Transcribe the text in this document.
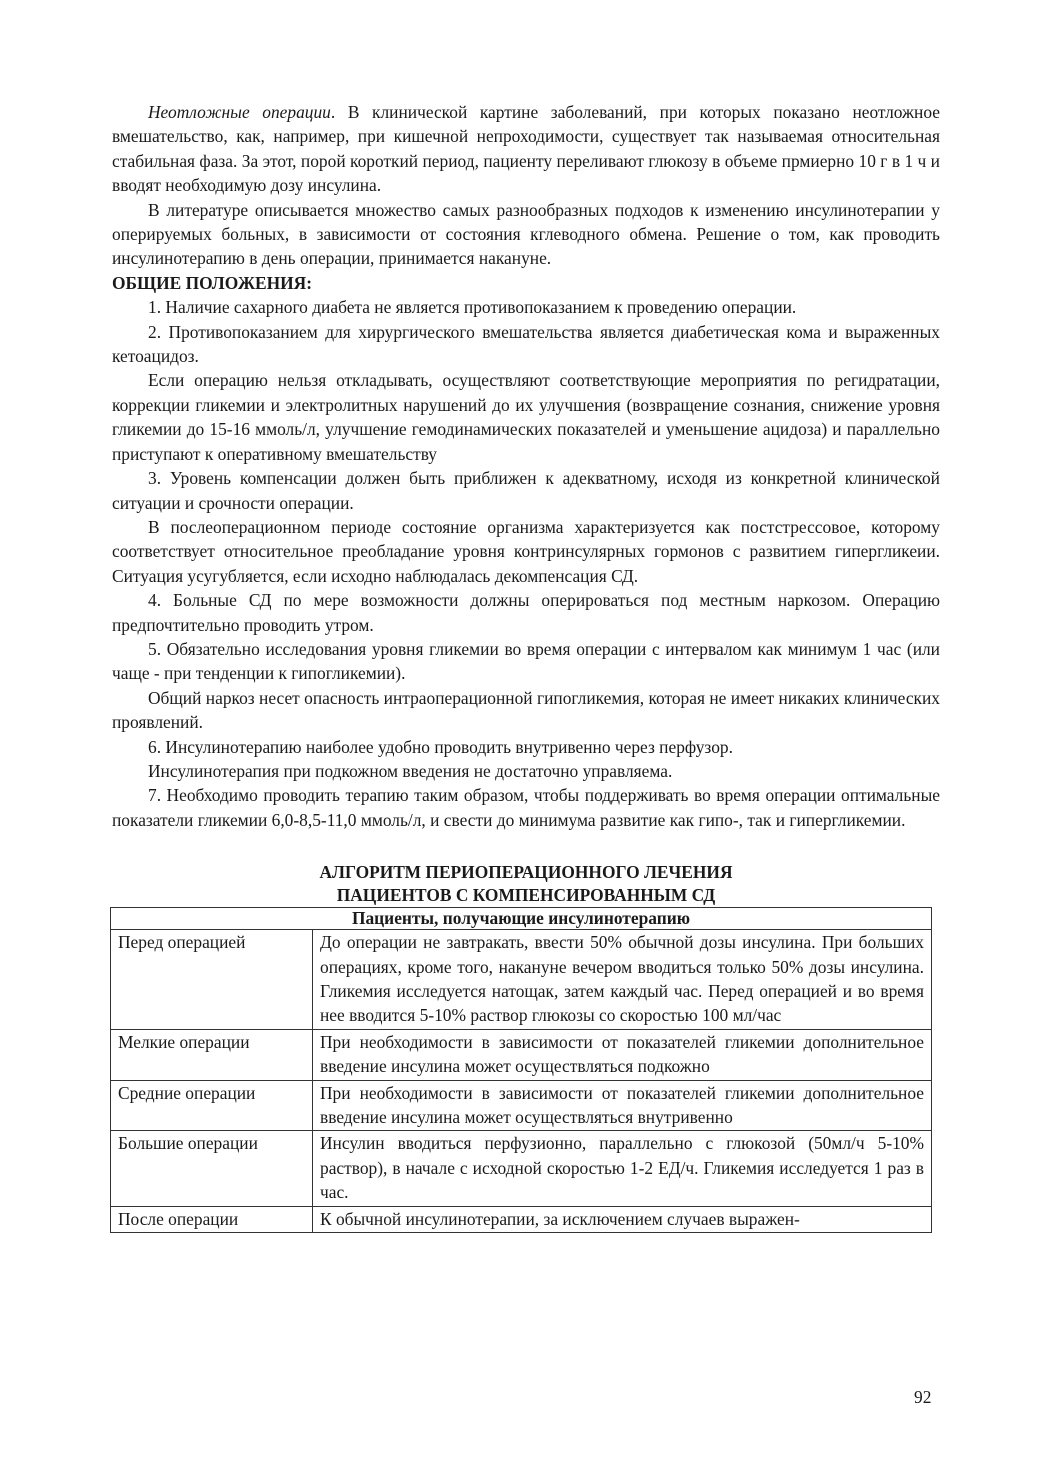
Неотложные операции. В клинической картине заболеваний, при которых показано неотложное вмешательство, как, например, при кишечной непроходимости, существует так называемая относительная стабильная фаза. За этот, порой короткий период, пациенту переливают глюкозу в объеме прмиерно 10 г в 1 ч и вводят необходимую дозу инсулина.

В литературе описывается множество самых разнообразных подходов к изменению инсулинотерапии у оперируемых больных, в зависимости от состояния кглеводного обмена. Решение о том, как проводить инсулинотерапию в день операции, принимается накануне.

ОБЩИЕ ПОЛОЖЕНИЯ:

1. Наличие сахарного диабета не является противопоказанием к проведению операции.

2. Противопоказанием для хирургического вмешательства является диабетическая кома и выраженных кетоацидоз.

Если операцию нельзя откладывать, осуществляют соответствующие мероприятия по регидратации, коррекции гликемии и электролитных нарушений до их улучшения (возвращение сознания, снижение уровня гликемии до 15-16 ммоль/л, улучшение гемодинамических показателей и уменьшение ацидоза) и параллельно приступают к оперативному вмешательству

3. Уровень компенсации должен быть приближен к адекватному, исходя из конкретной клинической ситуации и срочности операции.

В послеоперационном периоде состояние организма характеризуется как постстрессовое, которому соответствует относительное преобладание уровня контринсулярных гормонов с развитием гипергликеии. Ситуация усугубляется, если исходно наблюдалась декомпенсация СД.

4. Больные СД по мере возможности должны оперироваться под местным наркозом. Операцию предпочтительно проводить утром.

5. Обязательно исследования уровня гликемии во время операции с интервалом как минимум 1 час (или чаще - при тенденции к гипогликемии).

Общий наркоз несет опасность интраоперационной гипогликемия, которая не имеет никаких клинических проявлений.

6. Инсулинотерапию наиболее удобно проводить внутривенно через перфузор.

Инсулинотерапия при подкожном введения не достаточно управляема.

7. Необходимо проводить терапию таким образом, чтобы поддерживать во время операции оптимальные показатели гликемии 6,0-8,5-11,0 ммоль/л, и свести до минимума развитие как гипо-, так и гипергликемии.

АЛГОРИТМ ПЕРИОПЕРАЦИОННОГО ЛЕЧЕНИЯ
ПАЦИЕНТОВ С КОМПЕНСИРОВАННЫМ СД
Пациенты, получающие инсулинотерапию	
Перед операцией	До операции не завтракать, ввести 50% обычной дозы инсулина. При больших операциях, кроме того, накануне вечером вводиться только 50% дозы инсулина. Гликемия исследуется натощак, затем каждый час. Перед операцией и во время нее вводится 5-10% раствор глюкозы со скоростью 100 мл/час
Мелкие операции	При необходимости в зависимости от показателей гликемии дополнительное введение инсулина может осуществляться подкожно
Средние операции	При необходимости в зависимости от показателей гликемии дополнительное введение инсулина может осуществляться внутривенно
Большие операции	Инсулин вводиться перфузионно, параллельно с глюкозой (50мл/ч 5-10% раствор), в начале с исходной скоростью 1-2 ЕД/ч. Гликемия исследуется 1 раз в час.
После операции	К обычной инсулинотерапии, за исключением случаев выражен-
92
